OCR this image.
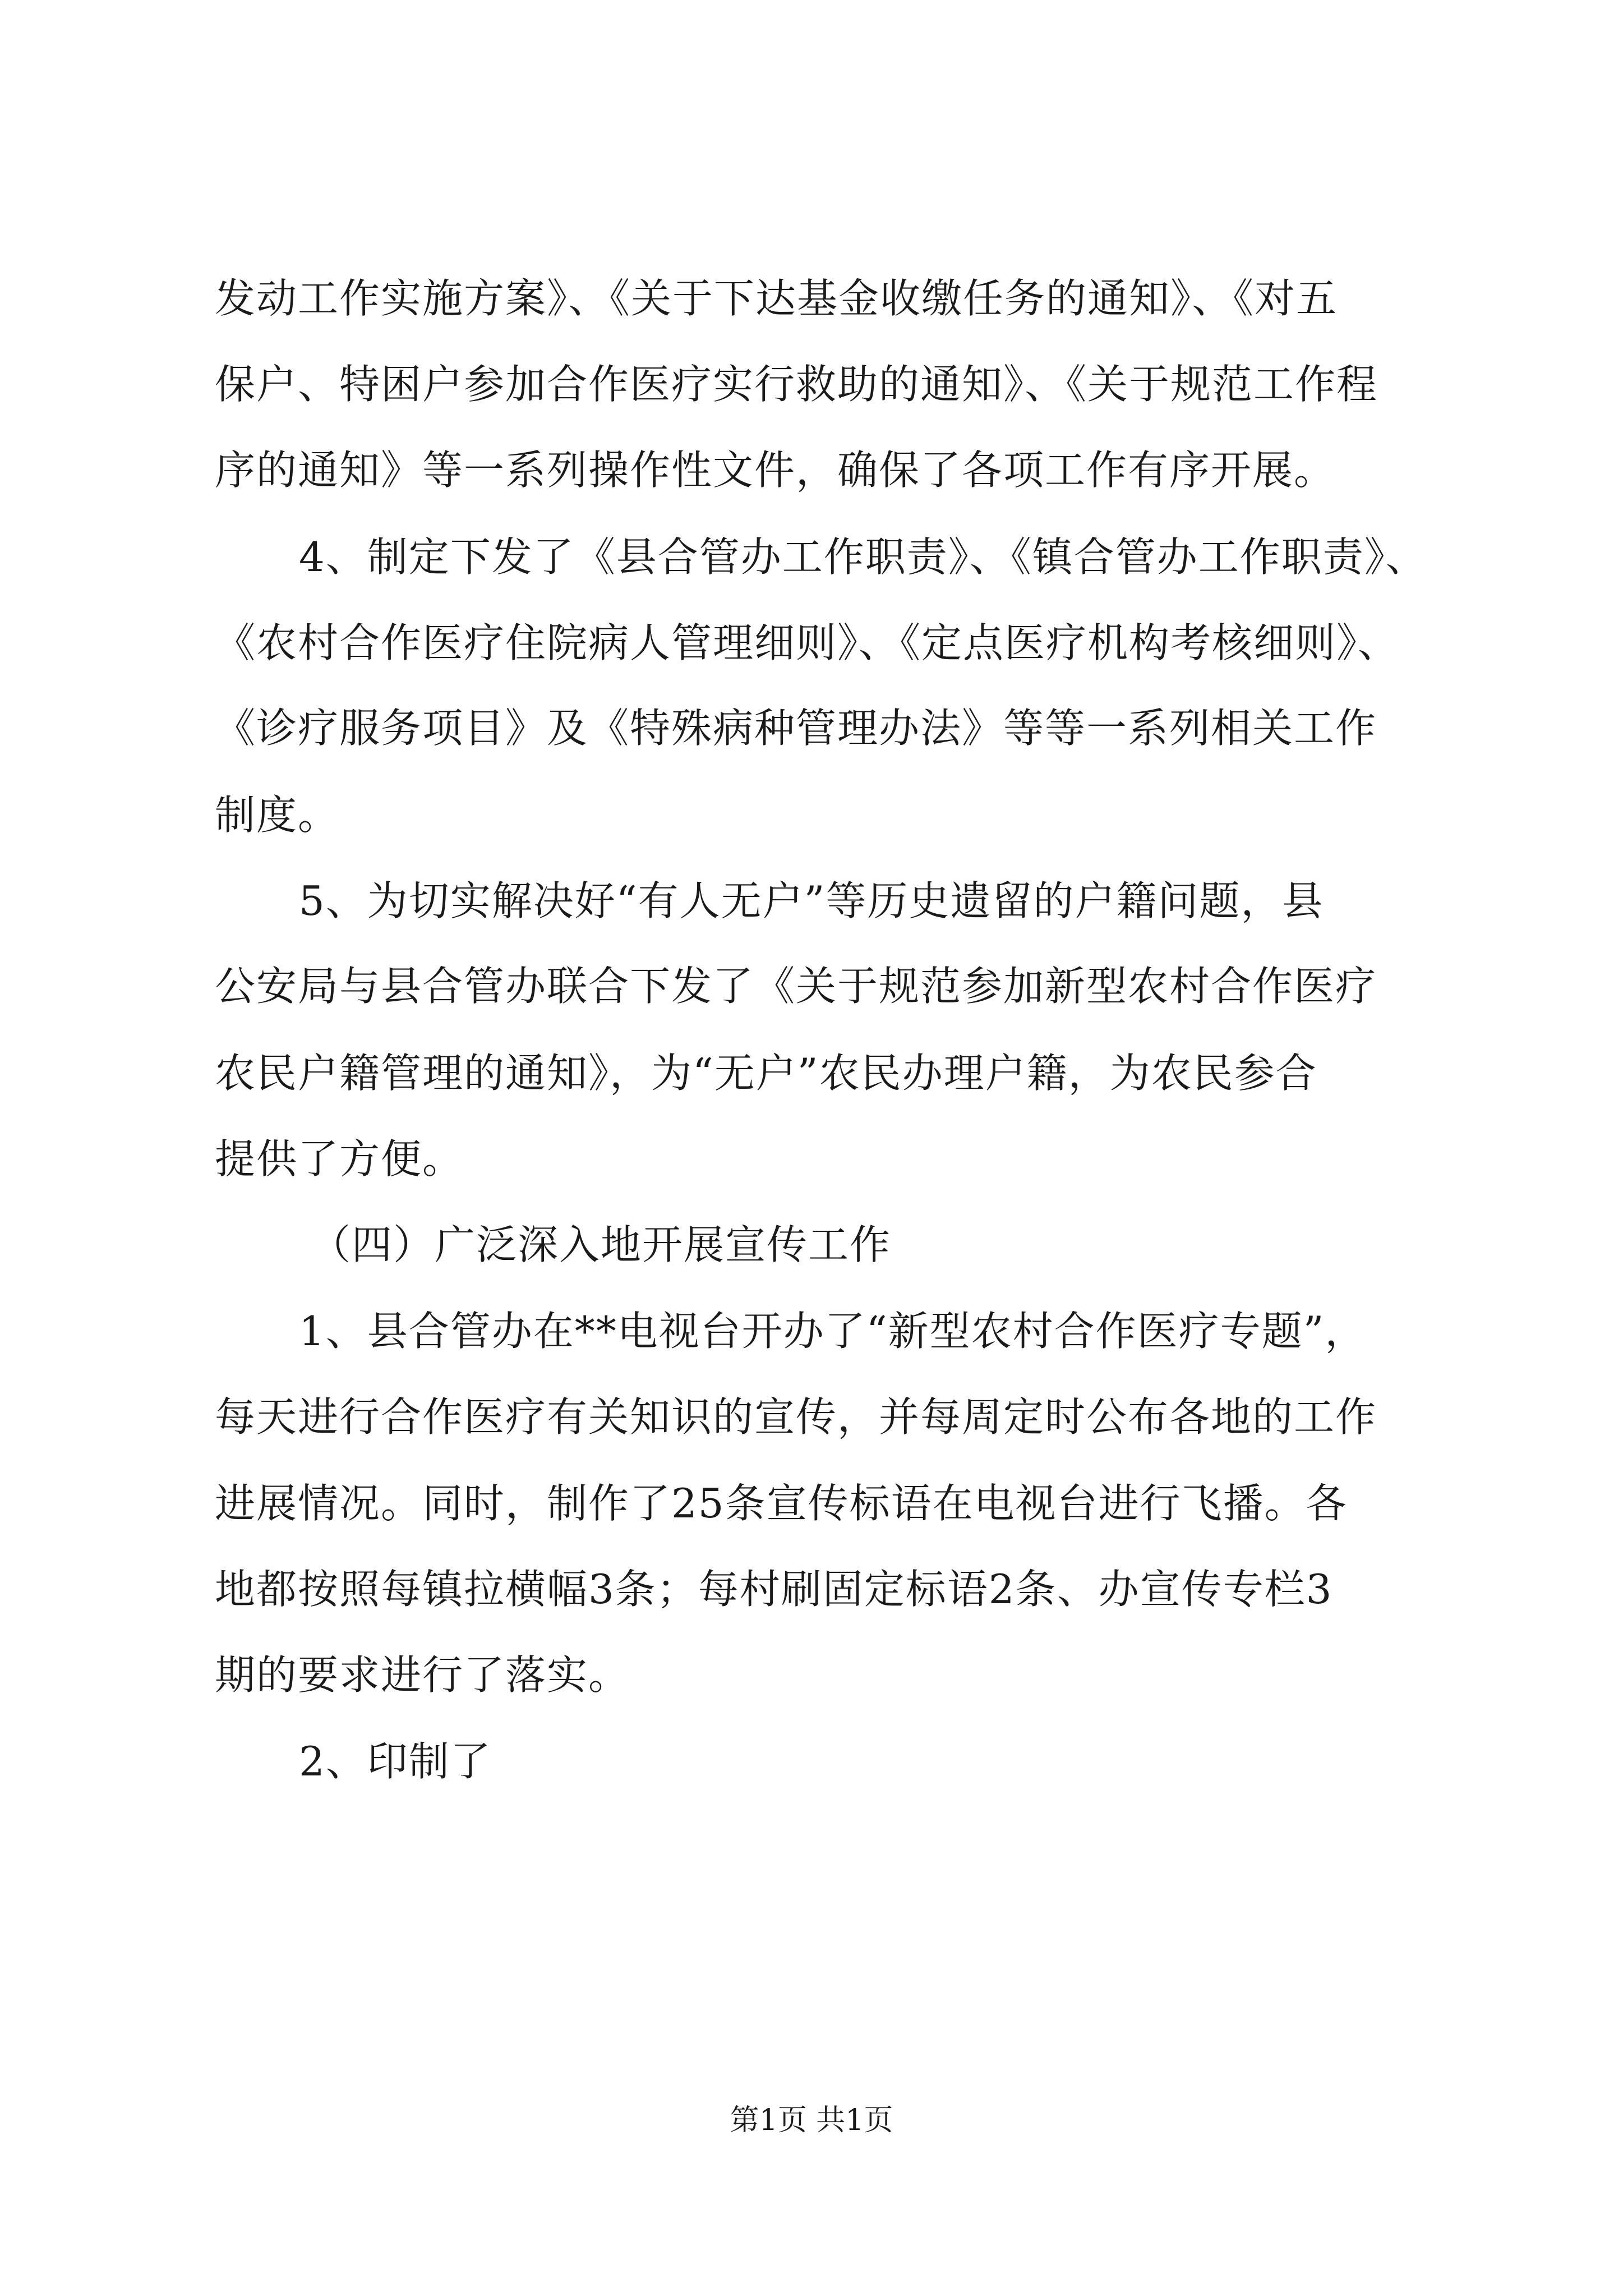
发动工作实施方案》、《关于下达基金收缴任务的通知》、《对五
保户、特困户参加合作医疗实行救助的通知》、《关于规范工作程
序的通知》等一系列操作性文件，确保了各项工作有序开展。
4、制定下发了《县合管办工作职责》、《镇合管办工作职责》、
《农村合作医疗住院病人管理细则》、《定点医疗机构考核细则》、
《诊疗服务项目》及《特殊病种管理办法》等等一系列相关工作
制度。
5、为切实解决好“有人无户”等历史遗留的户籍问题，县
公安局与县合管办联合下发了《关于规范参加新型农村合作医疗
农民户籍管理的通知》，为“无户”农民办理户籍，为农民参合
提供了方便。
（四）广泛深入地开展宣传工作
1、县合管办在**电视台开办了“新型农村合作医疗专题”，
每天进行合作医疗有关知识的宣传，并每周定时公布各地的工作
进展情况。同时，制作了25条宣传标语在电视台进行飞播。各
地都按照每镇拉横幅3条；每村刷固定标语2条、办宣传专栏3
期的要求进行了落实。
2、印制了
第1页 共1页
